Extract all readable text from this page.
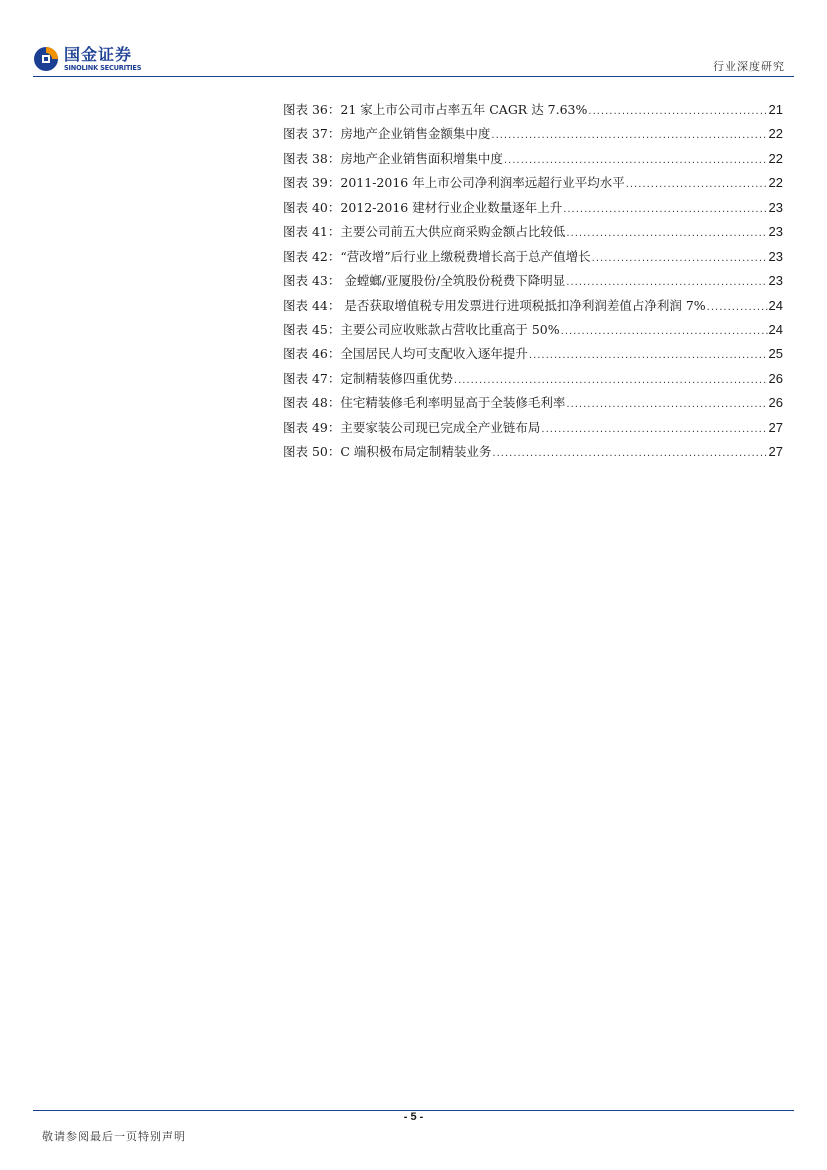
国金证券
SINOLINK SECURITIES	行业深度研究
图表 36：21 家上市公司市占率五年 CAGR 达 7.63% .....	21
图表 37：房地产企业销售金额集中度 .....	22
图表 38：房地产企业销售面积增集中度 .....	22
图表 39：2011-2016 年上市公司净利润率远超行业平均水平 .....	22
图表 40：2012-2016 建材行业企业数量逐年上升 .....	23
图表 41：主要公司前五大供应商采购金额占比较低 .....	23
图表 42：“营改增”后行业上缴税费增长高于总产值增长 .....	23
图表 43： 金螳螂/亚厦股份/全筑股份税费下降明显 .....	23
图表 44： 是否获取增值税专用发票进行进项税抵扣净利润差值占净利润 7% .....	24
图表 45：主要公司应收账款占营收比重高于 50% .....	24
图表 46：全国居民人均可支配收入逐年提升 .....	25
图表 47：定制精装修四重优势 .....	26
图表 48：住宅精装修毛利率明显高于全装修毛利率 .....	26
图表 49：主要家装公司现已完成全产业链布局 .....	27
图表 50：C 端积极布局定制精装业务 .....	27
- 5 -
敬请参阅最后一页特别声明
